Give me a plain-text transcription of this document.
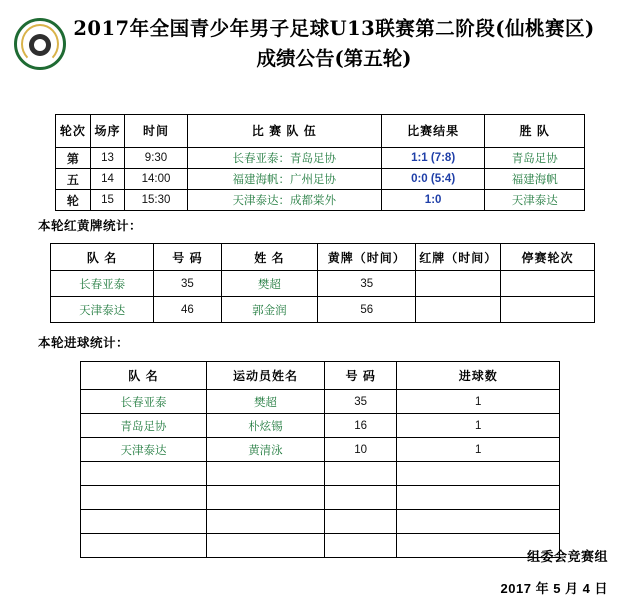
2017年全国青少年男子足球U13联赛第二阶段(仙桃赛区)
成绩公告(第五轮)
轮次	场序	时间	比 赛 队 伍	比赛结果	胜 队
第	13	9:30	长春亚泰：青岛足协	1:1 (7:8)	青岛足协
五	14	14:00	福建海帆：广州足协	0:0 (5:4)	福建海帆
轮	15	15:30	天津泰达：成都棠外	1:0	天津泰达
本轮红黄牌统计：
队 名	号 码	姓 名	黄牌（时间）	红牌（时间）	停赛轮次
长春亚泰	35	樊超	35		
天津泰达	46	郭金润	56		
本轮进球统计：
队 名	运动员姓名	号 码	进球数
长春亚泰	樊超	35	1
青岛足协	朴炫锡	16	1
天津泰达	黄清泳	10	1

组委会竞赛组
2017 年 5 月 4 日
